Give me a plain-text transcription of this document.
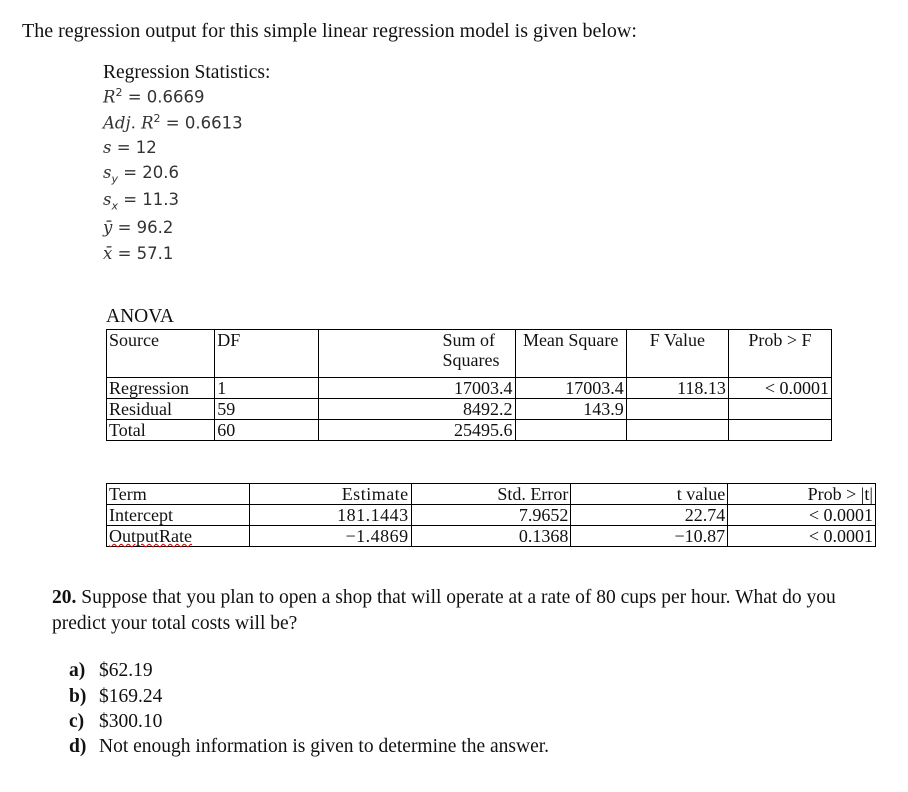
The regression output for this simple linear regression model is given below:
Regression Statistics:
$R^2 = 0.6669$
Adj. $R^2 = 0.6613$
s = 12
$s_y = 20.6$
$s_x = 11.3$
ȳ = 96.2
x̄ = 57.1
ANOVA
Source	DF	Sum of Squares	Mean Square	F Value	Prob > F
Regression	1	17003.4	17003.4	118.13	< 0.0001
Residual	59	8492.2	143.9		
Total	60	25495.6			
Term	Estimate	Std. Error	t value	Prob > |t|
Intercept	181.1443	7.9652	22.74	< 0.0001
OutputRate	−1.4869	0.1368	−10.87	< 0.0001
20. Suppose that you plan to open a shop that will operate at a rate of 80 cups per hour. What do you predict your total costs will be?
a) $62.19
b) $169.24
c) $300.10
d) Not enough information is given to determine the answer.
